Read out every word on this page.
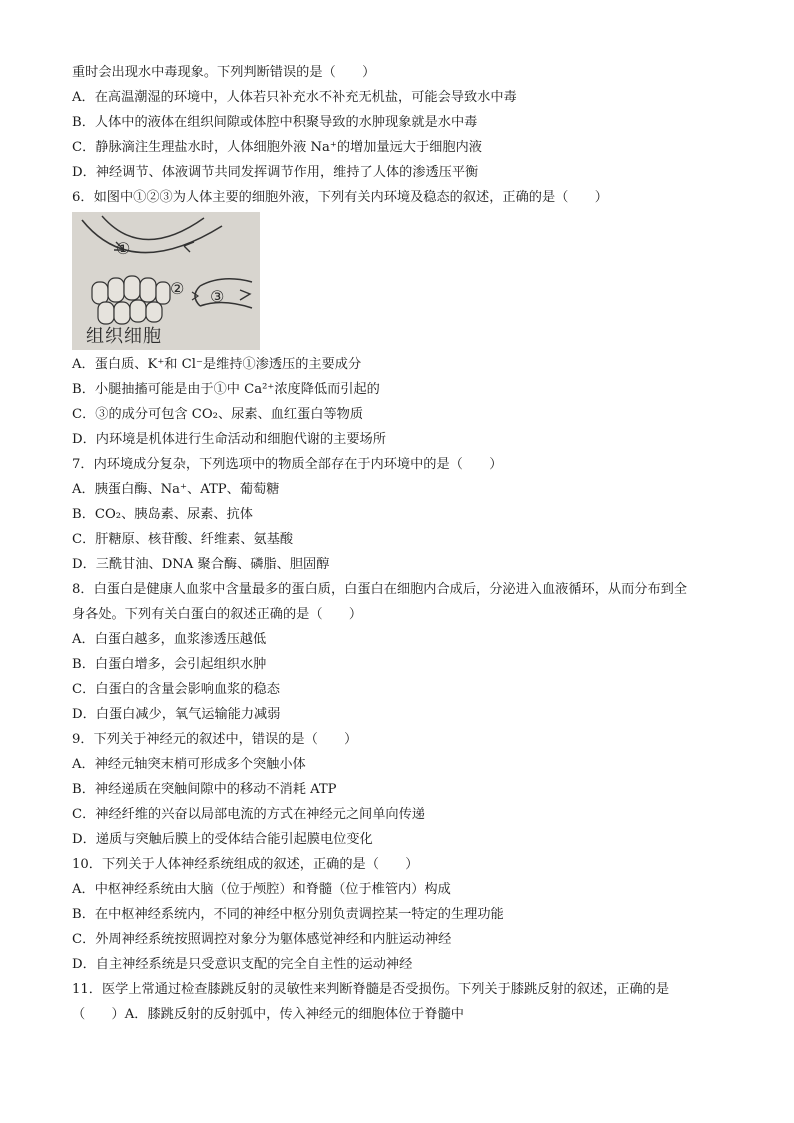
重时会出现水中毒现象。下列判断错误的是（　　）
A．在高温潮湿的环境中，人体若只补充水不补充无机盐，可能会导致水中毒
B．人体中的液体在组织间隙或体腔中积聚导致的水肿现象就是水中毒
C．静脉滴注生理盐水时，人体细胞外液 Na⁺的增加量远大于细胞内液
D．神经调节、体液调节共同发挥调节作用，维持了人体的渗透压平衡
6．如图中①②③为人体主要的细胞外液，下列有关内环境及稳态的叙述，正确的是（　　）
①
② ③
组织细胞
A．蛋白质、K⁺和 Cl⁻是维持①渗透压的主要成分
B．小腿抽搐可能是由于①中 Ca²⁺浓度降低而引起的
C．③的成分可包含 CO₂、尿素、血红蛋白等物质
D．内环境是机体进行生命活动和细胞代谢的主要场所
7．内环境成分复杂，下列选项中的物质全部存在于内环境中的是（　　）
A．胰蛋白酶、Na⁺、ATP、葡萄糖
B．CO₂、胰岛素、尿素、抗体
C．肝糖原、核苷酸、纤维素、氨基酸
D．三酰甘油、DNA 聚合酶、磷脂、胆固醇
8．白蛋白是健康人血浆中含量最多的蛋白质，白蛋白在细胞内合成后，分泌进入血液循环，从而分布到全
身各处。下列有关白蛋白的叙述正确的是（　　）
A．白蛋白越多，血浆渗透压越低
B．白蛋白增多，会引起组织水肿
C．白蛋白的含量会影响血浆的稳态
D．白蛋白减少，氧气运输能力减弱
9．下列关于神经元的叙述中，错误的是（　　）
A．神经元轴突末梢可形成多个突触小体
B．神经递质在突触间隙中的移动不消耗 ATP
C．神经纤维的兴奋以局部电流的方式在神经元之间单向传递
D．递质与突触后膜上的受体结合能引起膜电位变化
10．下列关于人体神经系统组成的叙述，正确的是（　　）
A．中枢神经系统由大脑（位于颅腔）和脊髓（位于椎管内）构成
B．在中枢神经系统内，不同的神经中枢分别负责调控某一特定的生理功能
C．外周神经系统按照调控对象分为躯体感觉神经和内脏运动神经
D．自主神经系统是只受意识支配的完全自主性的运动神经
11．医学上常通过检查膝跳反射的灵敏性来判断脊髓是否受损伤。下列关于膝跳反射的叙述，正确的是
（　　）A．膝跳反射的反射弧中，传入神经元的细胞体位于脊髓中
